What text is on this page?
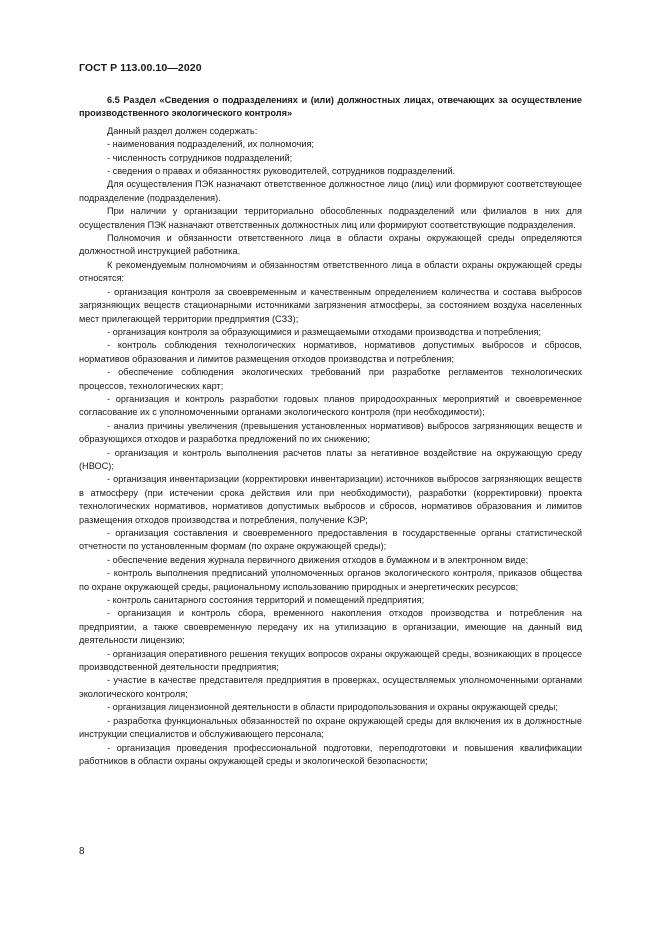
ГОСТ Р 113.00.10—2020
6.5 Раздел «Сведения о подразделениях и (или) должностных лицах, отвечающих за осуществление производственного экологического контроля»
Данный раздел должен содержать:
- наименования подразделений, их полномочия;
- численность сотрудников подразделений;
- сведения о правах и обязанностях руководителей, сотрудников подразделений.
Для осуществления ПЭК назначают ответственное должностное лицо (лиц) или формируют соответствующее подразделение (подразделения).
При наличии у организации территориально обособленных подразделений или филиалов в них для осуществления ПЭК назначают ответственных должностных лиц или формируют соответствующие подразделения.
Полномочия и обязанности ответственного лица в области охраны окружающей среды определяются должностной инструкцией работника.
К рекомендуемым полномочиям и обязанностям ответственного лица в области охраны окружающей среды относятся:
- организация контроля за своевременным и качественным определением количества и состава выбросов загрязняющих веществ стационарными источниками загрязнения атмосферы, за состоянием воздуха населенных мест прилегающей территории предприятия (СЗЗ);
- организация контроля за образующимися и размещаемыми отходами производства и потребления;
- контроль соблюдения технологических нормативов, нормативов допустимых выбросов и сбросов, нормативов образования и лимитов размещения отходов производства и потребления;
- обеспечение соблюдения экологических требований при разработке регламентов технологических процессов, технологических карт;
- организация и контроль разработки годовых планов природоохранных мероприятий и своевременное согласование их с уполномоченными органами экологического контроля (при необходимости);
- анализ причины увеличения (превышения установленных нормативов) выбросов загрязняющих веществ и образующихся отходов и разработка предложений по их снижению;
- организация и контроль выполнения расчетов платы за негативное воздействие на окружающую среду (НВОС);
- организация инвентаризации (корректировки инвентаризации) источников выбросов загрязняющих веществ в атмосферу (при истечении срока действия или при необходимости), разработки (корректировки) проекта технологических нормативов, нормативов допустимых выбросов и сбросов, нормативов образования и лимитов размещения отходов производства и потребления, получение КЭР;
- организация составления и своевременного предоставления в государственные органы статистической отчетности по установленным формам (по охране окружающей среды);
- обеспечение ведения журнала первичного движения отходов в бумажном и в электронном виде;
- контроль выполнения предписаний уполномоченных органов экологического контроля, приказов общества по охране окружающей среды, рациональному использованию природных и энергетических ресурсов;
- контроль санитарного состояния территорий и помещений предприятия;
- организация и контроль сбора, временного накопления отходов производства и потребления на предприятии, а также своевременную передачу их на утилизацию в организации, имеющие на данный вид деятельности лицензию;
- организация оперативного решения текущих вопросов охраны окружающей среды, возникающих в процессе производственной деятельности предприятия;
- участие в качестве представителя предприятия в проверках, осуществляемых уполномоченными органами экологического контроля;
- организация лицензионной деятельности в области природопользования и охраны окружающей среды;
- разработка функциональных обязанностей по охране окружающей среды для включения их в должностные инструкции специалистов и обслуживающего персонала;
- организация проведения профессиональной подготовки, переподготовки и повышения квалификации работников в области охраны окружающей среды и экологической безопасности;
8
